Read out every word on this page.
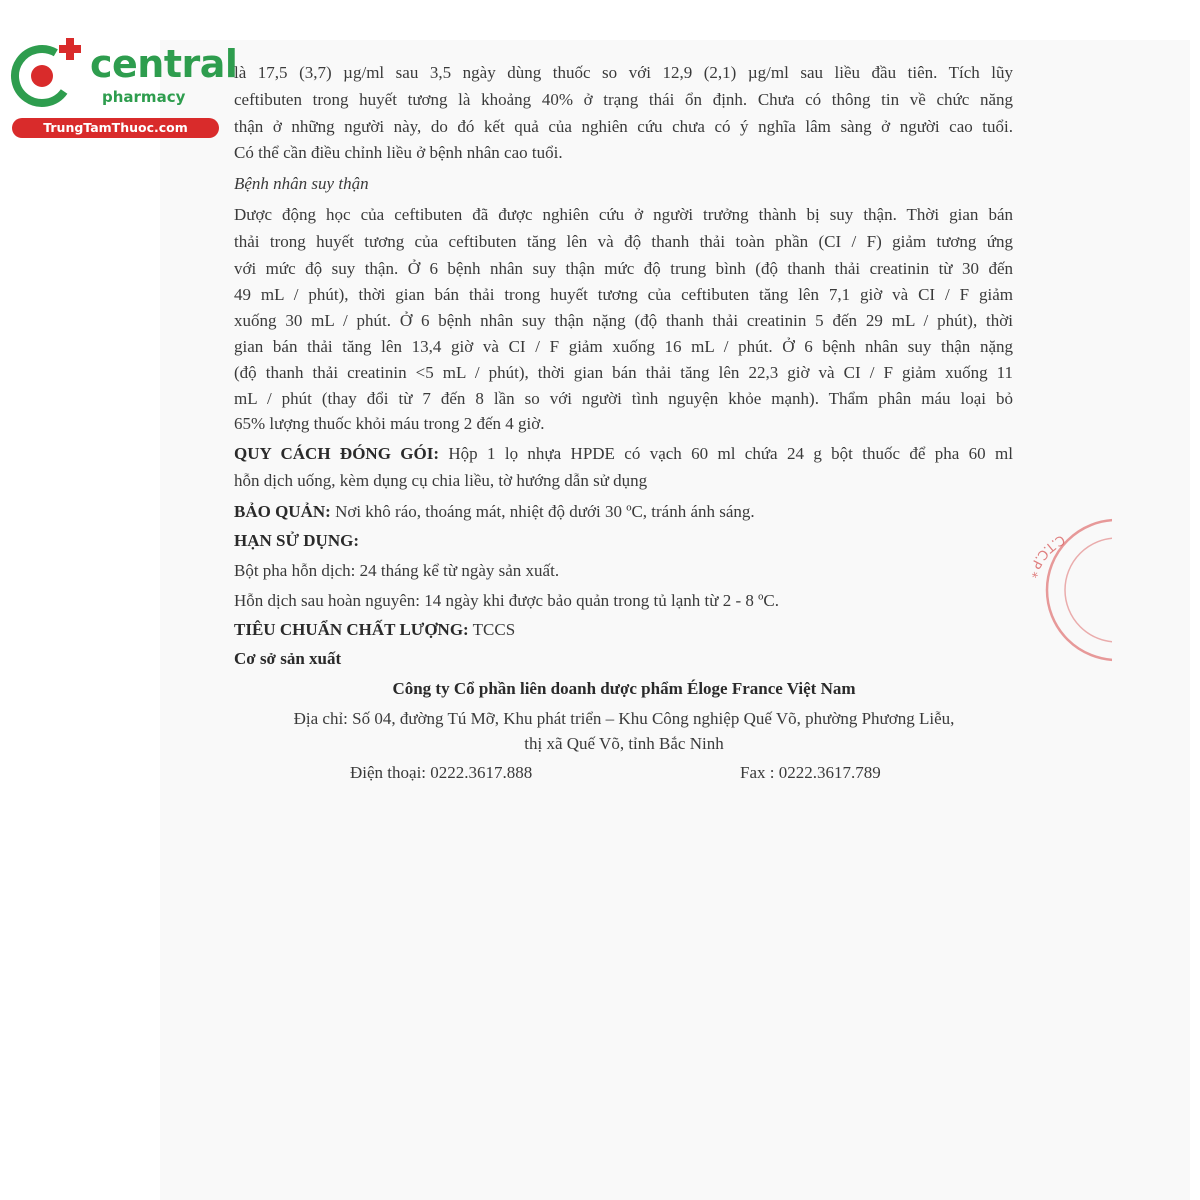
central
pharmacy
TrungTamThuoc.com
là 17,5 (3,7) µg/ml sau 3,5 ngày dùng thuốc so với 12,9 (2,1) µg/ml sau liều đầu tiên. Tích lũy
ceftibuten trong huyết tương là khoảng 40% ở trạng thái ổn định. Chưa có thông tin về chức năng
thận ở những người này, do đó kết quả của nghiên cứu chưa có ý nghĩa lâm sàng ở người cao tuổi.
Có thể cần điều chỉnh liều ở bệnh nhân cao tuổi.
Bệnh nhân suy thận
Dược động học của ceftibuten đã được nghiên cứu ở người trưởng thành bị suy thận. Thời gian bán
thải trong huyết tương của ceftibuten tăng lên và độ thanh thải toàn phần (CI / F) giảm tương ứng
với mức độ suy thận. Ở 6 bệnh nhân suy thận mức độ trung bình (độ thanh thải creatinin từ 30 đến
49 mL / phút), thời gian bán thải trong huyết tương của ceftibuten tăng lên 7,1 giờ và CI / F giảm
xuống 30 mL / phút. Ở 6 bệnh nhân suy thận nặng (độ thanh thải creatinin 5 đến 29 mL / phút), thời
gian bán thải tăng lên 13,4 giờ và CI / F giảm xuống 16 mL / phút. Ở 6 bệnh nhân suy thận nặng
(độ thanh thải creatinin <5 mL / phút), thời gian bán thải tăng lên 22,3 giờ và CI / F giảm xuống 11
mL / phút (thay đổi từ 7 đến 8 lần so với người tình nguyện khỏe mạnh). Thẩm phân máu loại bỏ
65% lượng thuốc khỏi máu trong 2 đến 4 giờ.
QUY CÁCH ĐÓNG GÓI: Hộp 1 lọ nhựa HPDE có vạch 60 ml chứa 24 g bột thuốc để pha 60 ml
hỗn dịch uống, kèm dụng cụ chia liều, tờ hướng dẫn sử dụng
BẢO QUẢN: Nơi khô ráo, thoáng mát, nhiệt độ dưới 30 ºC, tránh ánh sáng.
HẠN SỬ DỤNG:
Bột pha hỗn dịch: 24 tháng kể từ ngày sản xuất.
Hỗn dịch sau hoàn nguyên: 14 ngày khi được bảo quản trong tủ lạnh từ 2 - 8 ºC.
TIÊU CHUẨN CHẤT LƯỢNG: TCCS
Cơ sở sản xuất
Công ty Cổ phần liên doanh dược phẩm Éloge France Việt Nam
Địa chỉ: Số 04, đường Tú Mỡ, Khu phát triển – Khu Công nghiệp Quế Võ, phường Phương Liễu,
thị xã Quế Võ, tỉnh Bắc Ninh
Điện thoại: 0222.3617.888	Fax : 0222.3617.789
C.T.C.
